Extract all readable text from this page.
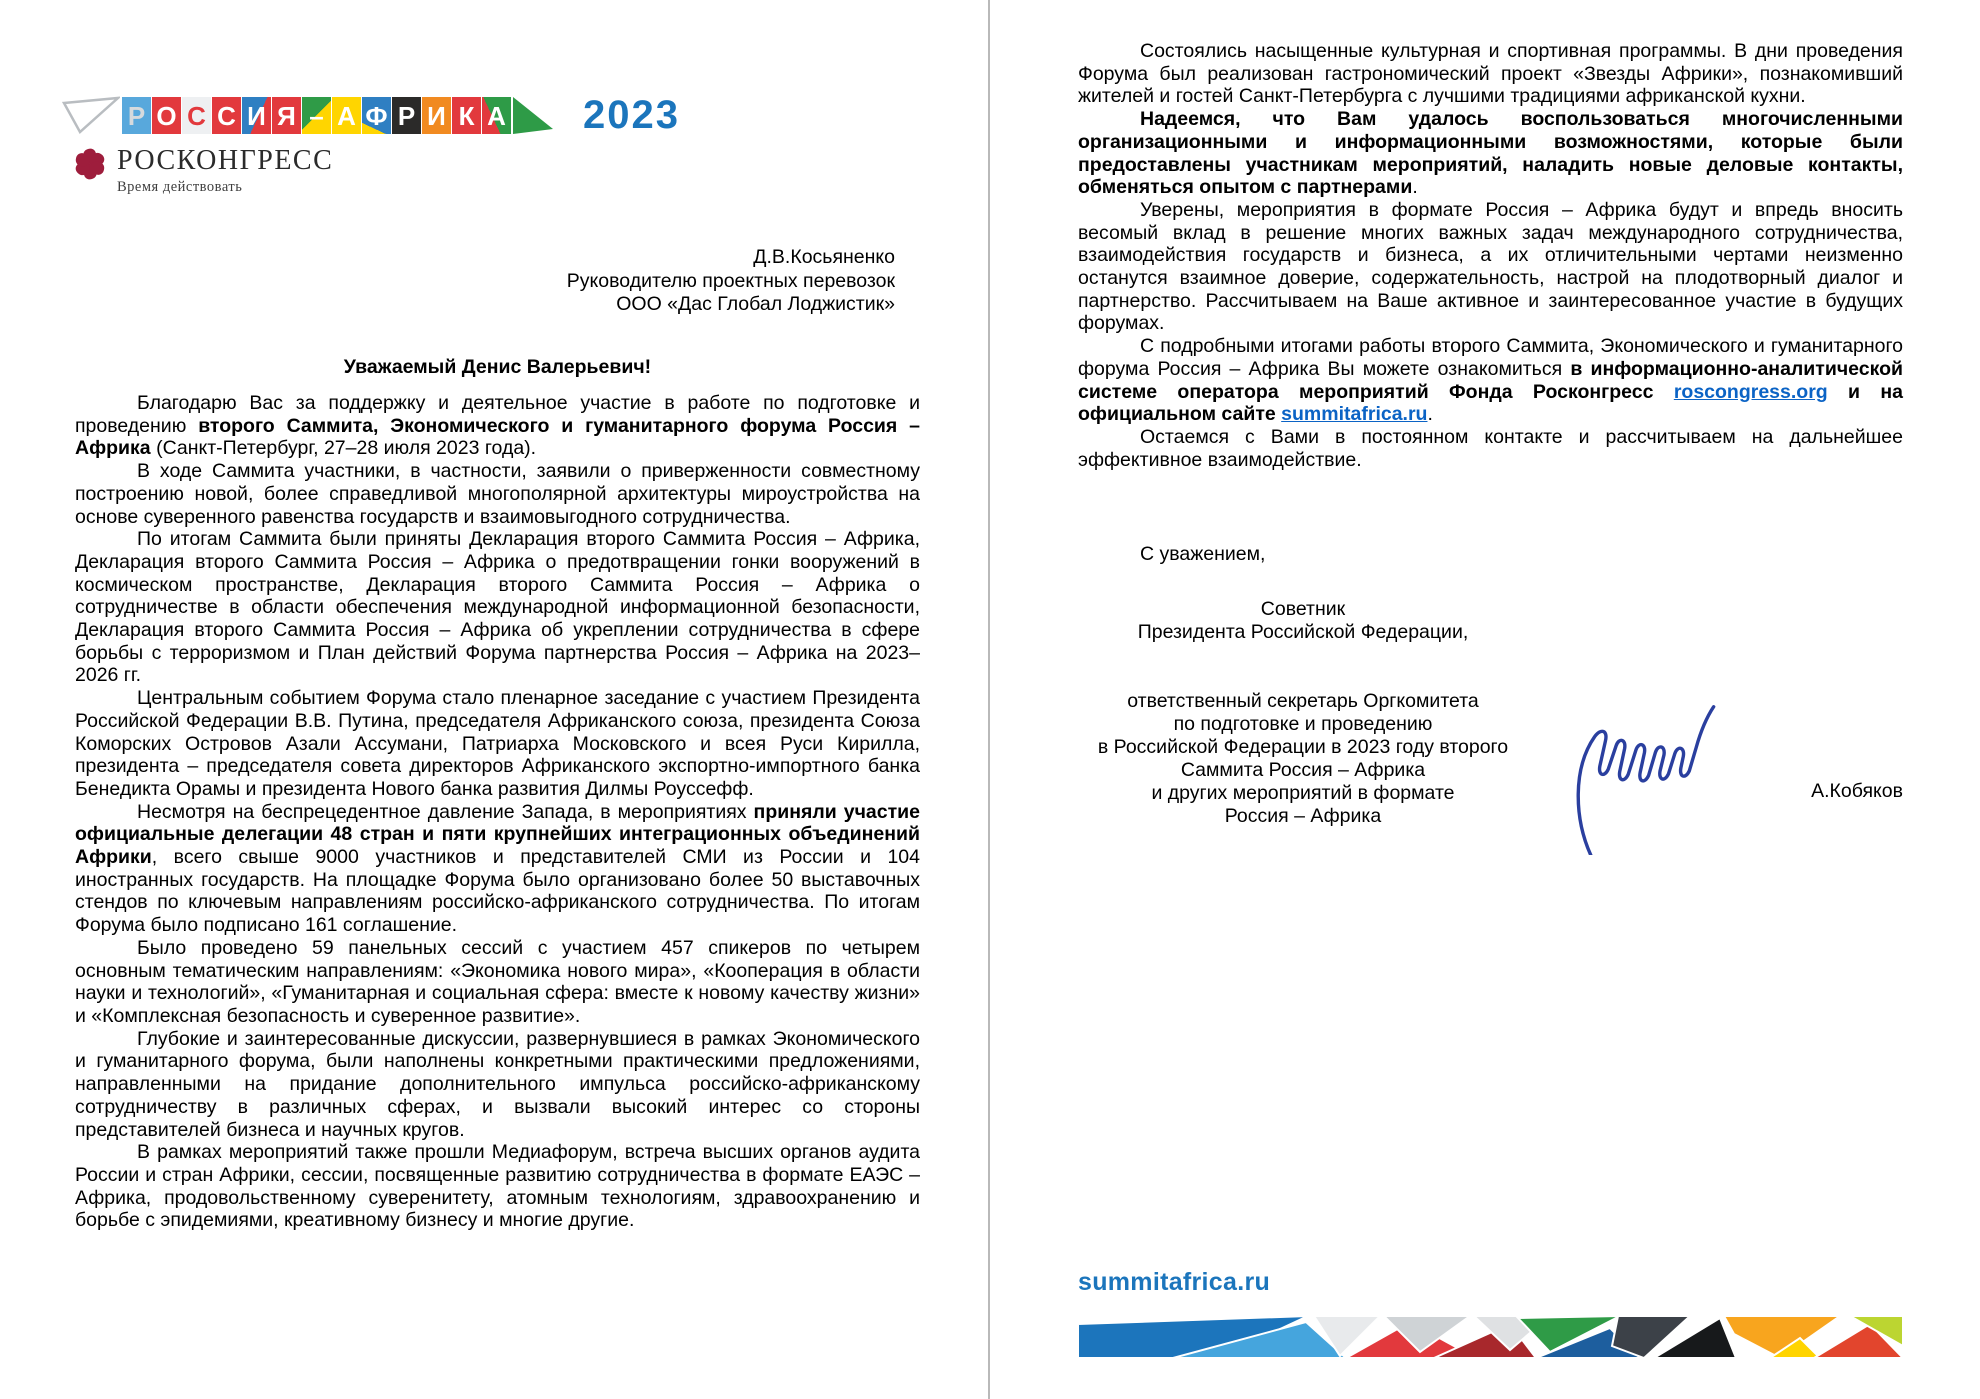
Р О С С И Я – А Ф Р И К А 2023
РОСКОНГРЕСС
Время действовать
Д.В.Косьяненко
Руководителю проектных перевозок
ООО «Дас Глобал Лоджистик»
Уважаемый Денис Валерьевич!

Благодарю Вас за поддержку и деятельное участие в работе по подготовке и проведению второго Саммита, Экономического и гуманитарного форума Россия – Африка (Санкт-Петербург, 27–28 июля 2023 года).

В ходе Саммита участники, в частности, заявили о приверженности совместному построению новой, более справедливой многополярной архитектуры мироустройства на основе суверенного равенства государств и взаимовыгодного сотрудничества.

По итогам Саммита были приняты Декларация второго Саммита Россия – Африка, Декларация второго Саммита Россия – Африка о предотвращении гонки вооружений в космическом пространстве, Декларация второго Саммита Россия – Африка о сотрудничестве в области обеспечения международной информационной безопасности, Декларация второго Саммита Россия – Африка об укреплении сотрудничества в сфере борьбы с терроризмом и План действий Форума партнерства Россия – Африка на 2023–2026 гг.

Центральным событием Форума стало пленарное заседание с участием Президента Российской Федерации В.В. Путина, председателя Африканского союза, президента Союза Коморских Островов Азали Ассумани, Патриарха Московского и всея Руси Кирилла, президента – председателя совета директоров Африканского экспортно-импортного банка Бенедикта Орамы и президента Нового банка развития Дилмы Роуссефф.

Несмотря на беспрецедентное давление Запада, в мероприятиях приняли участие официальные делегации 48 стран и пяти крупнейших интеграционных объединений Африки, всего свыше 9000 участников и представителей СМИ из России и 104 иностранных государств. На площадке Форума было организовано более 50 выставочных стендов по ключевым направлениям российско-африканского сотрудничества. По итогам Форума было подписано 161 соглашение.

Было проведено 59 панельных сессий с участием 457 спикеров по четырем основным тематическим направлениям: «Экономика нового мира», «Кооперация в области науки и технологий», «Гуманитарная и социальная сфера: вместе к новому качеству жизни» и «Комплексная безопасность и суверенное развитие».

Глубокие и заинтересованные дискуссии, развернувшиеся в рамках Экономического и гуманитарного форума, были наполнены конкретными практическими предложениями, направленными на придание дополнительного импульса российско-африканскому сотрудничеству в различных сферах, и вызвали высокий интерес со стороны представителей бизнеса и научных кругов.

В рамках мероприятий также прошли Медиафорум, встреча высших органов аудита России и стран Африки, сессии, посвященные развитию сотрудничества в формате ЕАЭС – Африка, продовольственному суверенитету, атомным технологиям, здравоохранению и борьбе с эпидемиями, креативному бизнесу и многие другие.

Состоялись насыщенные культурная и спортивная программы. В дни проведения Форума был реализован гастрономический проект «Звезды Африки», познакомивший жителей и гостей Санкт-Петербурга с лучшими традициями африканской кухни.

Надеемся, что Вам удалось воспользоваться многочисленными организационными и информационными возможностями, которые были предоставлены участникам мероприятий, наладить новые деловые контакты, обменяться опытом с партнерами.

Уверены, мероприятия в формате Россия – Африка будут и впредь вносить весомый вклад в решение многих важных задач международного сотрудничества, взаимодействия государств и бизнеса, а их отличительными чертами неизменно останутся взаимное доверие, содержательность, настрой на плодотворный диалог и партнерство. Рассчитываем на Ваше активное и заинтересованное участие в будущих форумах.

С подробными итогами работы второго Саммита, Экономического и гуманитарного форума Россия – Африка Вы можете ознакомиться в информационно-аналитической системе оператора мероприятий Фонда Росконгресс roscongress.org и на официальном сайте summitafrica.ru.

Остаемся с Вами в постоянном контакте и рассчитываем на дальнейшее эффективное взаимодействие.

С уважением,

Советник
Президента Российской Федерации,

ответственный секретарь Оргкомитета
по подготовке и проведению
в Российской Федерации в 2023 году второго
Саммита Россия – Африка
и других мероприятий в формате
Россия – Африка
А.Кобяков
summitafrica.ru
